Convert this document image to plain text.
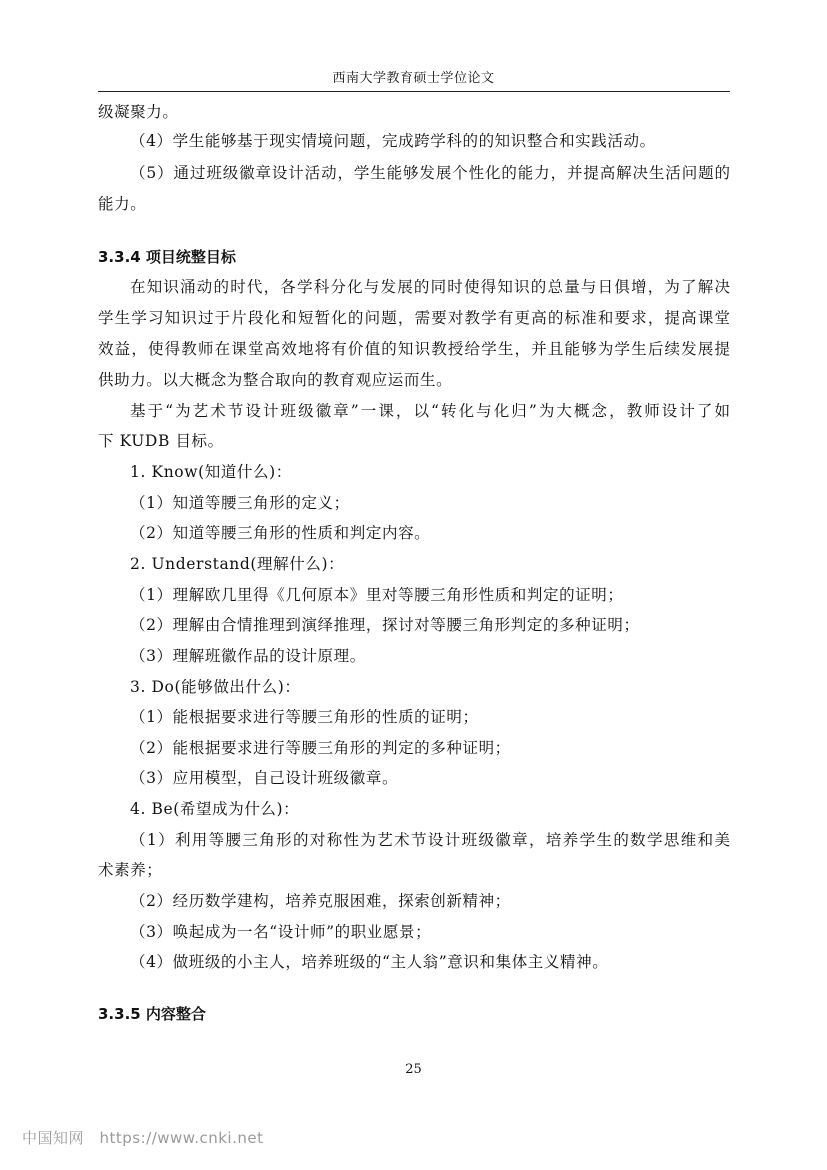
西南大学教育硕士学位论文
级凝聚力。
（4）学生能够基于现实情境问题，完成跨学科的的知识整合和实践活动。
（5）通过班级徽章设计活动，学生能够发展个性化的能力，并提高解决生活问题的
能力。
3.3.4 项目统整目标
在知识涌动的时代，各学科分化与发展的同时使得知识的总量与日俱增，为了解决
学生学习知识过于片段化和短暂化的问题，需要对教学有更高的标准和要求，提高课堂
效益，使得教师在课堂高效地将有价值的知识教授给学生，并且能够为学生后续发展提
供助力。以大概念为整合取向的教育观应运而生。
基于“为艺术节设计班级徽章”一课，以“转化与化归”为大概念，教师设计了如
下 KUDB 目标。
1. Know(知道什么)：
（1）知道等腰三角形的定义；
（2）知道等腰三角形的性质和判定内容。
2. Understand(理解什么)：
（1）理解欧几里得《几何原本》里对等腰三角形性质和判定的证明；
（2）理解由合情推理到演绎推理，探讨对等腰三角形判定的多种证明；
（3）理解班徽作品的设计原理。
3. Do(能够做出什么)：
（1）能根据要求进行等腰三角形的性质的证明；
（2）能根据要求进行等腰三角形的判定的多种证明；
（3）应用模型，自己设计班级徽章。
4. Be(希望成为什么)：
（1）利用等腰三角形的对称性为艺术节设计班级徽章，培养学生的数学思维和美
术素养；
（2）经历数学建构，培养克服困难，探索创新精神；
（3）唤起成为一名“设计师”的职业愿景；
（4）做班级的小主人，培养班级的“主人翁”意识和集体主义精神。
3.3.5 内容整合
25
中国知网　https://www.cnki.net
